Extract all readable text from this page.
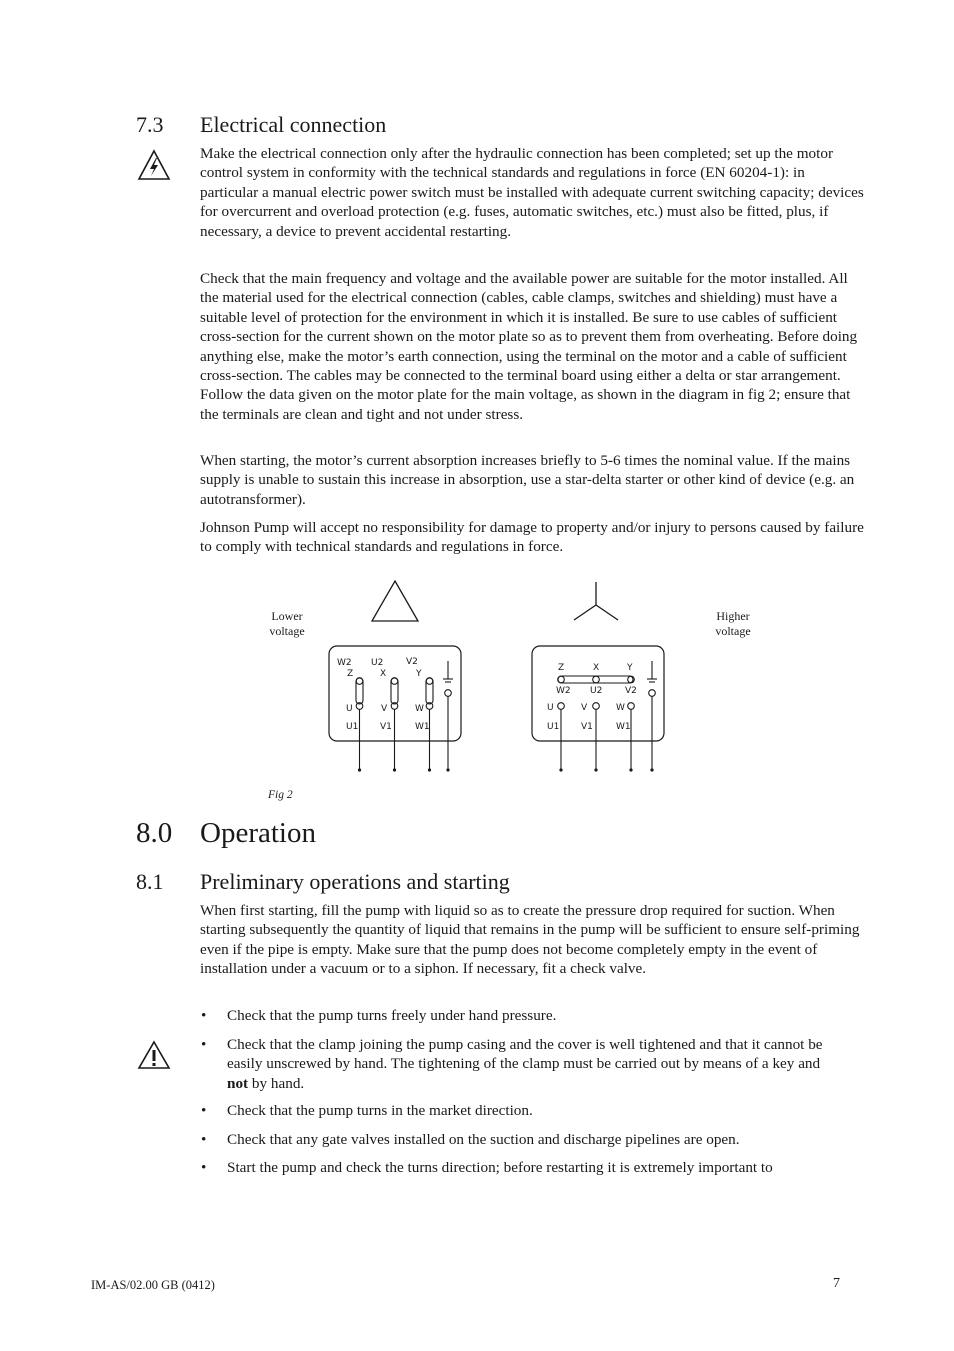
7.3 Electrical connection

Make the electrical connection only after the hydraulic connection has been completed; set up the motor control system in conformity with the technical standards and regulations in force (EN 60204-1): in particular a manual electric power switch must be installed with adequate current switching capacity; devices for overcurrent and overload protection (e.g. fuses, automatic switches, etc.) must also be fitted, plus, if necessary, a device to prevent accidental restarting.

Check that the main frequency and voltage and the available power are suitable for the motor installed. All the material used for the electrical connection (cables, cable clamps, switches and shielding) must have a suitable level of protection for the environment in which it is installed. Be sure to use cables of sufficient cross-section for the current shown on the motor plate so as to prevent them from overheating. Before doing anything else, make the motor’s earth connection, using the terminal on the motor and a cable of sufficient cross-section. The cables may be connected to the terminal board using either a delta or star arrangement. Follow the data given on the motor plate for the main voltage, as shown in the diagram in fig 2; ensure that the terminals are clean and tight and not under stress.

When starting, the motor’s current absorption increases briefly to 5-6 times the nominal value. If the mains supply is unable to sustain this increase in absorption, use a star-delta starter or other kind of device (e.g. an autotransformer).

Johnson Pump will accept no responsibility for damage to property and/or injury to persons caused by failure to comply with technical standards and regulations in force.

Lower
voltage
Higher
voltage
W2 U2	V2
Z	X	Y
U	V	W
U1 V1	W1
Z	X	Y
W2 U2	V2
U	V	W
U1 V1	W1
Fig 2
8.0 Operation
8.1 Preliminary operations and starting

When first starting, fill the pump with liquid so as to create the pressure drop required for suction. When starting subsequently the quantity of liquid that remains in the pump will be sufficient to ensure self-priming even if the pipe is empty. Make sure that the pump does not become completely empty in the event of installation under a vacuum or to a siphon. If necessary, fit a check valve.

• Check that the pump turns freely under hand pressure.

• Check that the clamp joining the pump casing and the cover is well tightened and that it cannot be easily unscrewed by hand. The tightening of the clamp must be carried out by means of a key and not by hand.

• Check that the pump turns in the market direction.

• Check that any gate valves installed on the suction and discharge pipelines are open.

• Start the pump and check the turns direction; before restarting it is extremely important to

IM-AS/02.00 GB (0412)	7
